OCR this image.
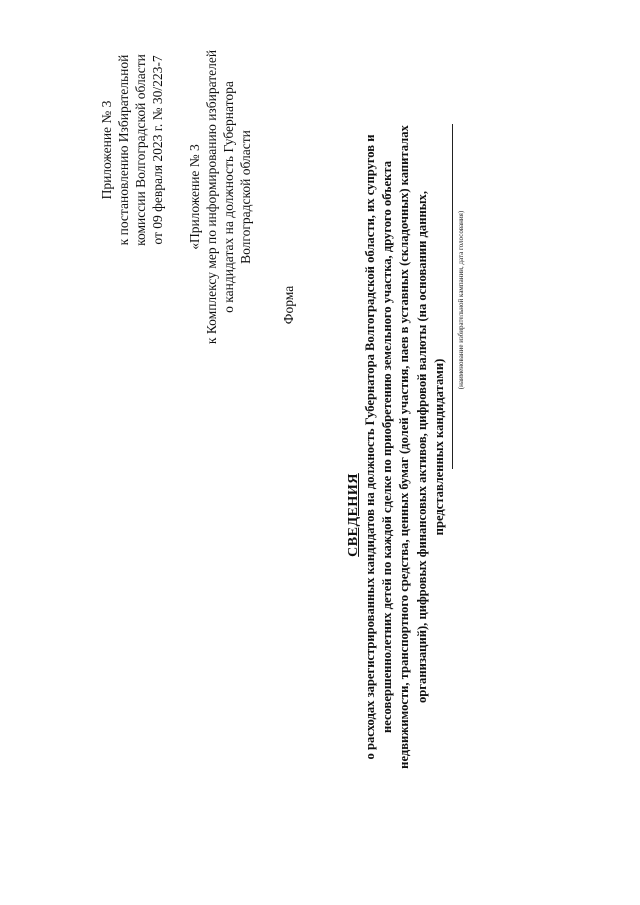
Приложение № 3 к постановлению Избирательной комиссии Волгоградской области от 09 февраля 2023 г. № 30/223-7 «Приложение № 3 к Комплексу мер по информированию избирателей о кандидатах на должность Губернатора Волгоградской области
Форма
СВЕДЕНИЯ о расходах зарегистрированных кандидатов на должность Губернатора Волгоградской области, их супругов и несовершеннолетних детей по каждой сделке по приобретению земельного участка, другого объекта недвижимости, транспортного средства, ценных бумаг (долей участия, паев в уставных (складочных) капиталах организаций), цифровых финансовых активов, цифровой валюты (на основании данных, представленных кандидатами)
(наименование избирательной кампании, дата голосования)
